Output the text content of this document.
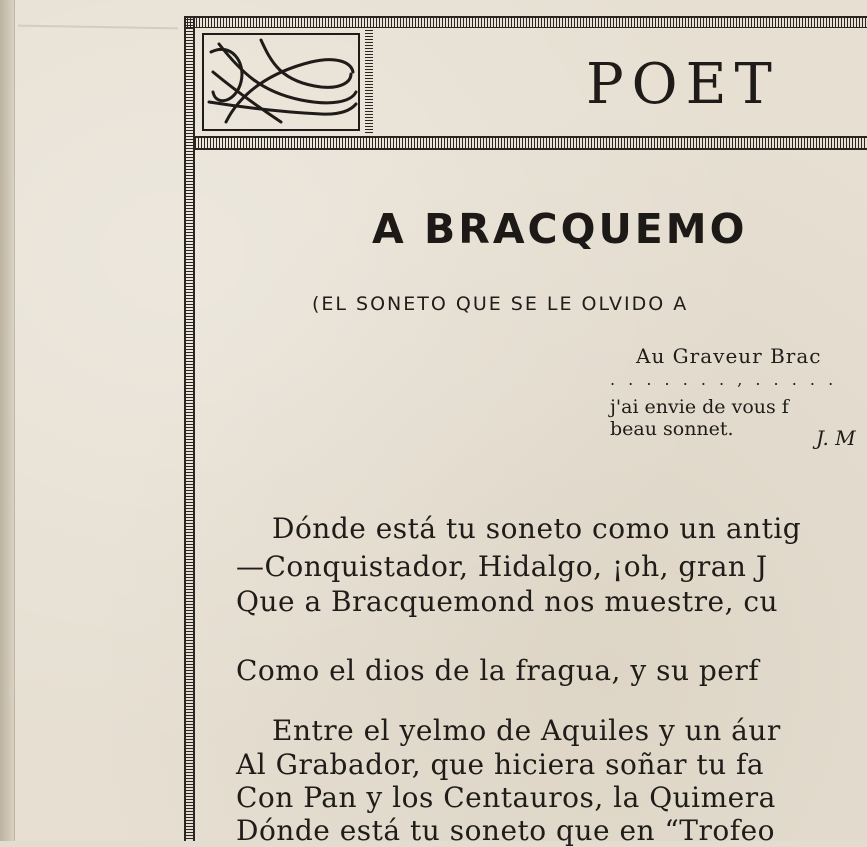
POET
A BRACQUEMO
(EL SONETO QUE SE LE OLVIDO A
Au Graveur Brac
. . . . . . . , . . . . .
j'ai envie de vous f
beau sonnet.	J. M
Dónde está tu soneto como un antig
—Conquistador, Hidalgo, ¡oh, gran J
Que a Bracquemond nos muestre, cu
Como el dios de la fragua, y su perf
Entre el yelmo de Aquiles y un áur
Al Grabador, que hiciera soñar tu fa
Con Pan y los Centauros, la Quimera
Dónde está tu soneto que en “Trofeo
